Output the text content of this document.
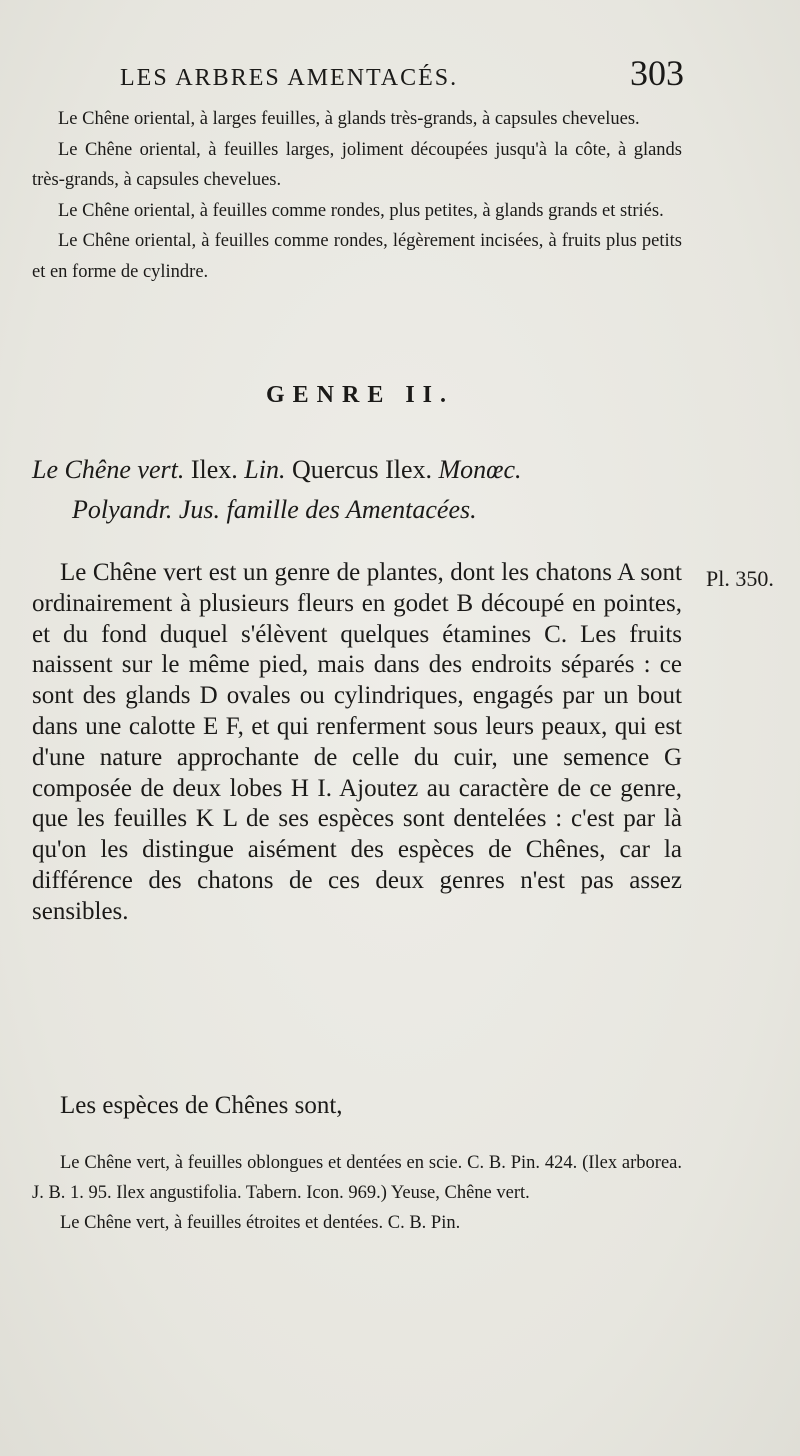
LES ARBRES AMENTACÉS.	303

Le Chêne oriental, à larges feuilles, à glands très-grands, à capsules chevelues.

Le Chêne oriental, à feuilles larges, joliment découpées jusqu'à la côte, à glands très-grands, à capsules chevelues.

Le Chêne oriental, à feuilles comme rondes, plus petites, à glands grands et striés.

Le Chêne oriental, à feuilles comme rondes, légèrement incisées, à fruits plus petits et en forme de cylindre.

GENRE II.
Le Chêne vert. Ilex. Lin. Quercus Ilex. Monœc.
Polyandr. Jus. famille des Amentacées.

Le Chêne vert est un genre de plantes, dont les chatons A sont ordinairement à plusieurs fleurs en godet B découpé en pointes, et du fond duquel s'élèvent quelques étamines C. Les fruits naissent sur le même pied, mais dans des endroits séparés : ce sont des glands D ovales ou cylindriques, engagés par un bout dans une calotte E F, et qui renferment sous leurs peaux, qui est d'une nature approchante de celle du cuir, une semence G composée de deux lobes H I. Ajoutez au caractère de ce genre, que les feuilles K L de ses espèces sont dentelées : c'est par là qu'on les distingue aisément des espèces de Chênes, car la différence des chatons de ces deux genres n'est pas assez sensibles.

Pl. 350.
Les espèces de Chênes sont,

Le Chêne vert, à feuilles oblongues et dentées en scie. C. B. Pin. 424. (Ilex arborea. J. B. 1. 95. Ilex angustifolia. Tabern. Icon. 969.) Yeuse, Chêne vert.

Le Chêne vert, à feuilles étroites et dentées. C. B. Pin.
